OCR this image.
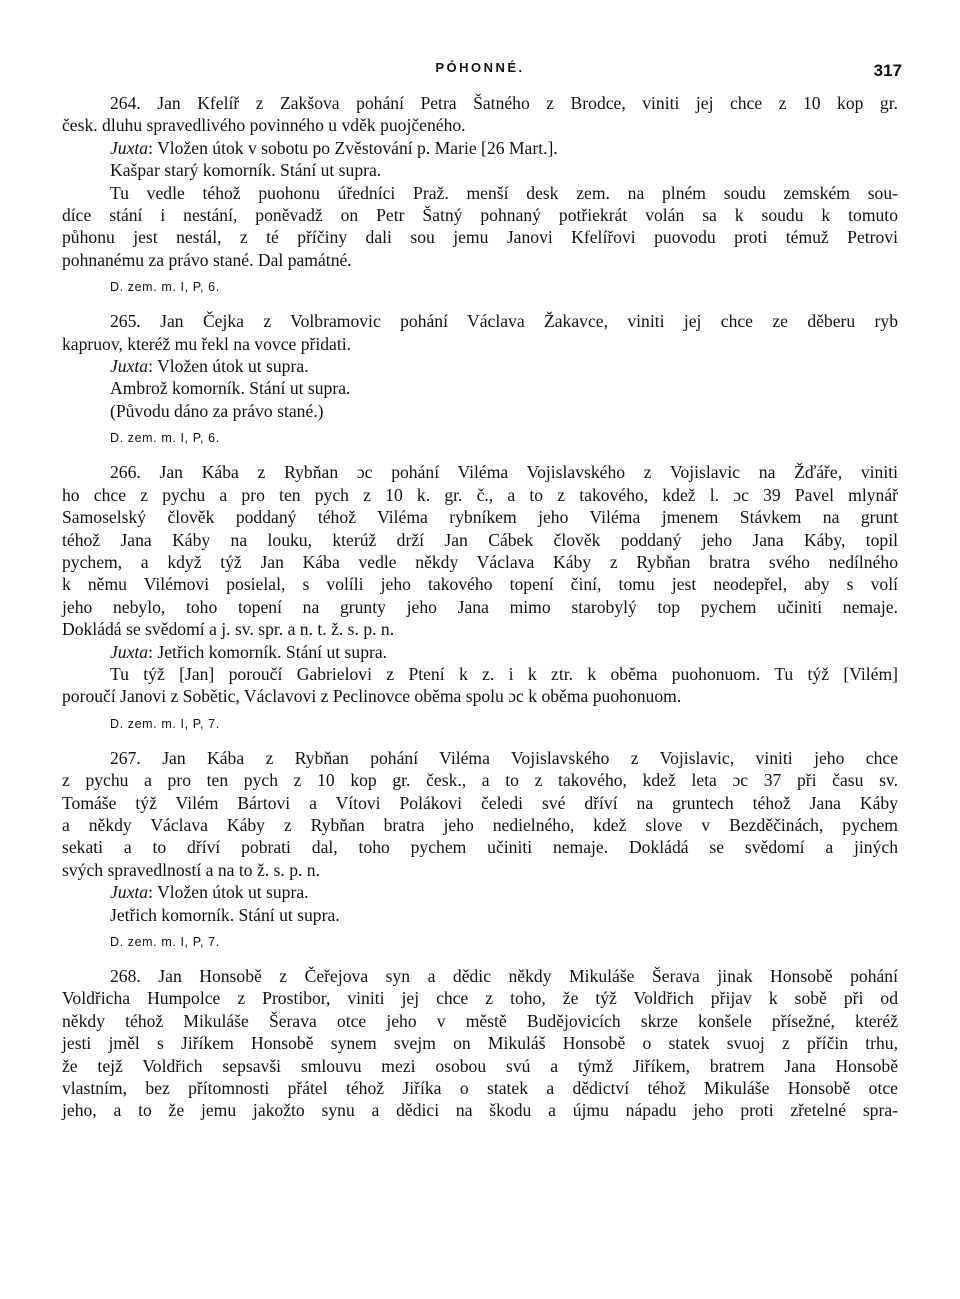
PÓHONNÉ.	317
264. Jan Kfelíř z Zakšova pohání Petra Šatného z Brodce, viniti jej chce z 10 kop gr.
česk. dluhu spravedlivého povinného u vděk puojčeného.
Juxta: Vložen útok v sobotu po Zvěstování p. Marie [26 Mart.].
Kašpar starý komorník. Stání ut supra.
Tu vedle téhož puohonu úředníci Praž. menší desk zem. na plném soudu zemském sou-
díce stání i nestání, poněvadž on Petr Šatný pohnaný potřiekrát volán sa k soudu k tomuto
půhonu jest nestál, z té příčiny dali sou jemu Janovi Kfelířovi puovodu proti témuž Petrovi
pohnanému za právo stané. Dal památné.
D. zem. m. I, P, 6.
265. Jan Čejka z Volbramovic pohání Václava Žakavce, viniti jej chce ze děberu ryb
kapruov, kteréž mu řekl na vovce přidati.
Juxta: Vložen útok ut supra.
Ambrož komorník. Stání ut supra.
(Původu dáno za právo stané.)
D. zem. m. I, P, 6.
266. Jan Kába z Rybňan ɔc pohání Viléma Vojislavského z Vojislavic na Žďáře, viniti
ho chce z pychu a pro ten pych z 10 k. gr. č., a to z takového, kdež l. ɔc 39 Pavel mlynář
Samoselský člověk poddaný téhož Viléma rybníkem jeho Viléma jmenem Stávkem na grunt
téhož Jana Káby na louku, kterúž drží Jan Cábek člověk poddaný jeho Jana Káby, topil
pychem, a když týž Jan Kába vedle někdy Václava Káby z Rybňan bratra svého nedílného
k němu Vilémovi posielal, s volíli jeho takového topení činí, tomu jest neodepřel, aby s volí
jeho nebylo, toho topení na grunty jeho Jana mimo starobylý top pychem učiniti nemaje.
Dokládá se svědomí a j. sv. spr. a n. t. ž. s. p. n.
Juxta: Jetřich komorník. Stání ut supra.
Tu týž [Jan] poroučí Gabrielovi z Ptení k z. i k ztr. k oběma puohonuom. Tu týž [Vilém]
poroučí Janovi z Sobětic, Václavovi z Peclinovce oběma spolu ɔc k oběma puohonuom.
D. zem. m. I, P, 7.
267. Jan Kába z Rybňan pohání Viléma Vojislavského z Vojislavic, viniti jeho chce
z pychu a pro ten pych z 10 kop gr. česk., a to z takového, kdež leta ɔc 37 při času sv.
Tomáše týž Vilém Bártovi a Vítovi Polákovi čeledi své dříví na gruntech téhož Jana Káby
a někdy Václava Káby z Rybňan bratra jeho nedielného, kdež slove v Bezděčinách, pychem
sekati a to dříví pobrati dal, toho pychem učiniti nemaje. Dokládá se svědomí a jiných
svých spravedlností a na to ž. s. p. n.
Juxta: Vložen útok ut supra.
Jetřich komorník. Stání ut supra.
D. zem. m. I, P, 7.
268. Jan Honsobě z Čeřejova syn a dědic někdy Mikuláše Šerava jinak Honsobě pohání
Voldřicha Humpolce z Prostibor, viniti jej chce z toho, že týž Voldřich přijav k sobě při od
někdy téhož Mikuláše Šerava otce jeho v městě Budějovicích skrze konšele přísežné, kteréž
jesti jměl s Jiříkem Honsobě synem svejm on Mikuláš Honsobě o statek svuoj z příčin trhu,
že tejž Voldřich sepsavši smlouvu mezi osobou svú a týmž Jiříkem, bratrem Jana Honsobě
vlastním, bez přítomnosti přátel téhož Jiříka o statek a dědictví téhož Mikuláše Honsobě otce
jeho, a to že jemu jakožto synu a dědici na škodu a újmu nápadu jeho proti zřetelné spra-
